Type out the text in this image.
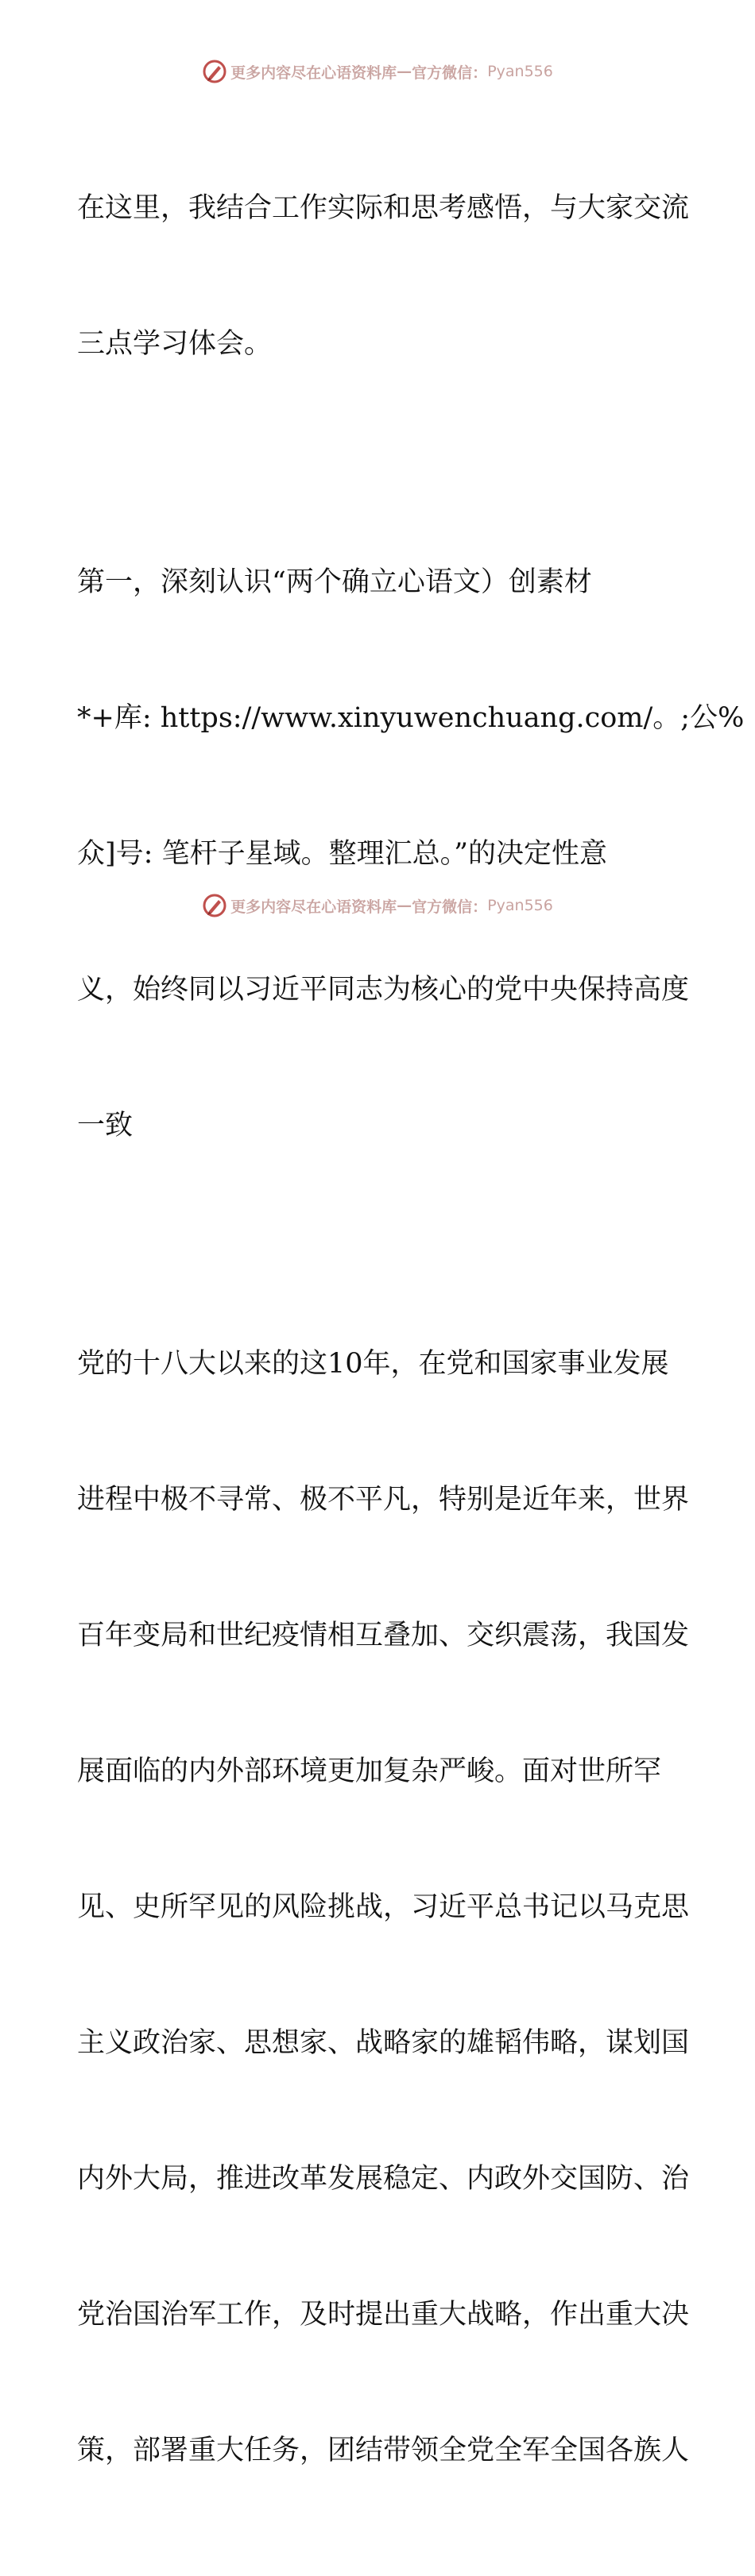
更多内容尽在心语资料库 — 官方微信： Pyan556

在这里，我结合工作实际和思考感悟，与大家交流

三点学习体会。

第一，深刻认识“两个确立心语文）创素材

*+库: https://www.xinyuwenchuang.com/。;公%

众]号: 笔杆子星域。整理汇总。”的决定性意

义，始终同以习近平同志为核心的党中央保持高度

一致

党的十八大以来的这10年，在党和国家事业发展

进程中极不寻常、极不平凡，特别是近年来，世界

百年变局和世纪疫情相互叠加、交织震荡，我国发

展面临的内外部环境更加复杂严峻。面对世所罕

见、史所罕见的风险挑战，习近平总书记以马克思

主义政治家、思想家、战略家的雄韬伟略，谋划国

内外大局，推进改革发展稳定、内政外交国防、治

党治国治军工作，及时提出重大战略，作出重大决

策，部署重大任务，团结带领全党全军全国各族人

更多内容尽在心语资料库 — 官方微信： Pyan556
